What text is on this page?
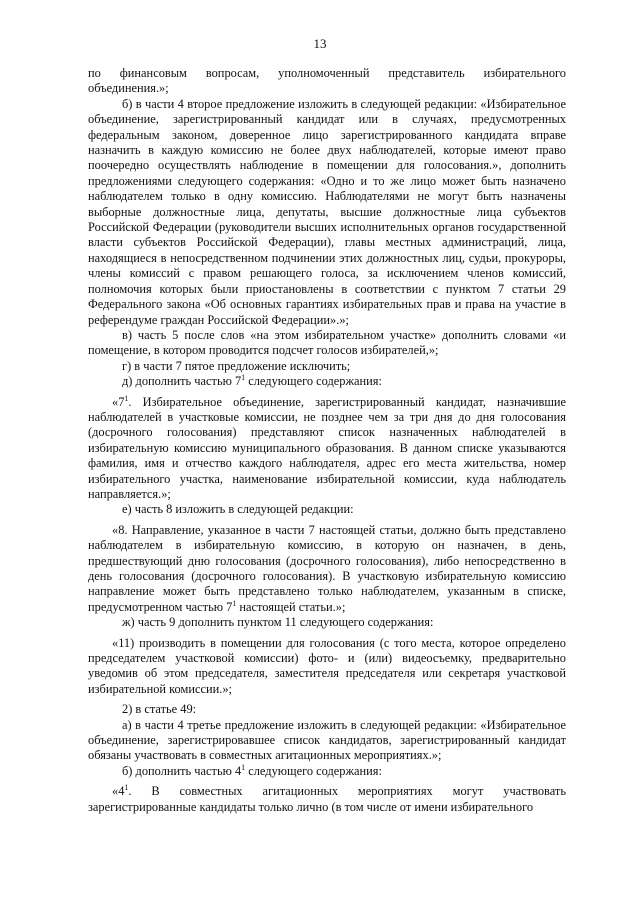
13

по финансовым вопросам, уполномоченный представитель избирательного объединения.»;

б) в части 4 второе предложение изложить в следующей редакции: «Избирательное объединение, зарегистрированный кандидат или в случаях, предусмотренных федеральным законом, доверенное лицо зарегистрированного кандидата вправе назначить в каждую комиссию не более двух наблюдателей, которые имеют право поочередно осуществлять наблюдение в помещении для голосования.», дополнить предложениями следующего содержания: «Одно и то же лицо может быть назначено наблюдателем только в одну комиссию. Наблюдателями не могут быть назначены выборные должностные лица, депутаты, высшие должностные лица субъектов Российской Федерации (руководители высших исполнительных органов государственной власти субъектов Российской Федерации), главы местных администраций, лица, находящиеся в непосредственном подчинении этих должностных лиц, судьи, прокуроры, члены комиссий с правом решающего голоса, за исключением членов комиссий, полномочия которых были приостановлены в соответствии с пунктом 7 статьи 29 Федерального закона «Об основных гарантиях избирательных прав и права на участие в референдуме граждан Российской Федерации».»;

в) часть 5 после слов «на этом избирательном участке» дополнить словами «и помещение, в котором проводится подсчет голосов избирателей,»;

г) в части 7 пятое предложение исключить;

д) дополнить частью $7^1$ следующего содержания:

«$7^1$. Избирательное объединение, зарегистрированный кандидат, назначившие наблюдателей в участковые комиссии, не позднее чем за три дня до дня голосования (досрочного голосования) представляют список назначенных наблюдателей в избирательную комиссию муниципального образования. В данном списке указываются фамилия, имя и отчество каждого наблюдателя, адрес его места жительства, номер избирательного участка, наименование избирательной комиссии, куда наблюдатель направляется.»;

е) часть 8 изложить в следующей редакции:

«8. Направление, указанное в части 7 настоящей статьи, должно быть представлено наблюдателем в избирательную комиссию, в которую он назначен, в день, предшествующий дню голосования (досрочного голосования), либо непосредственно в день голосования (досрочного голосования). В участковую избирательную комиссию направление может быть представлено только наблюдателем, указанным в списке, предусмотренном частью $7^1$ настоящей статьи.»;

ж) часть 9 дополнить пунктом 11 следующего содержания:

«11) производить в помещении для голосования (с того места, которое определено председателем участковой комиссии) фото- и (или) видеосъемку, предварительно уведомив об этом председателя, заместителя председателя или секретаря участковой избирательной комиссии.»;

2) в статье 49:

а) в части 4 третье предложение изложить в следующей редакции: «Избирательное объединение, зарегистрировавшее список кандидатов, зарегистрированный кандидат обязаны участвовать в совместных агитационных мероприятиях.»;

б) дополнить частью $4^1$ следующего содержания:

«$4^1$. В совместных агитационных мероприятиях могут участвовать зарегистрированные кандидаты только лично (в том числе от имени избирательного
